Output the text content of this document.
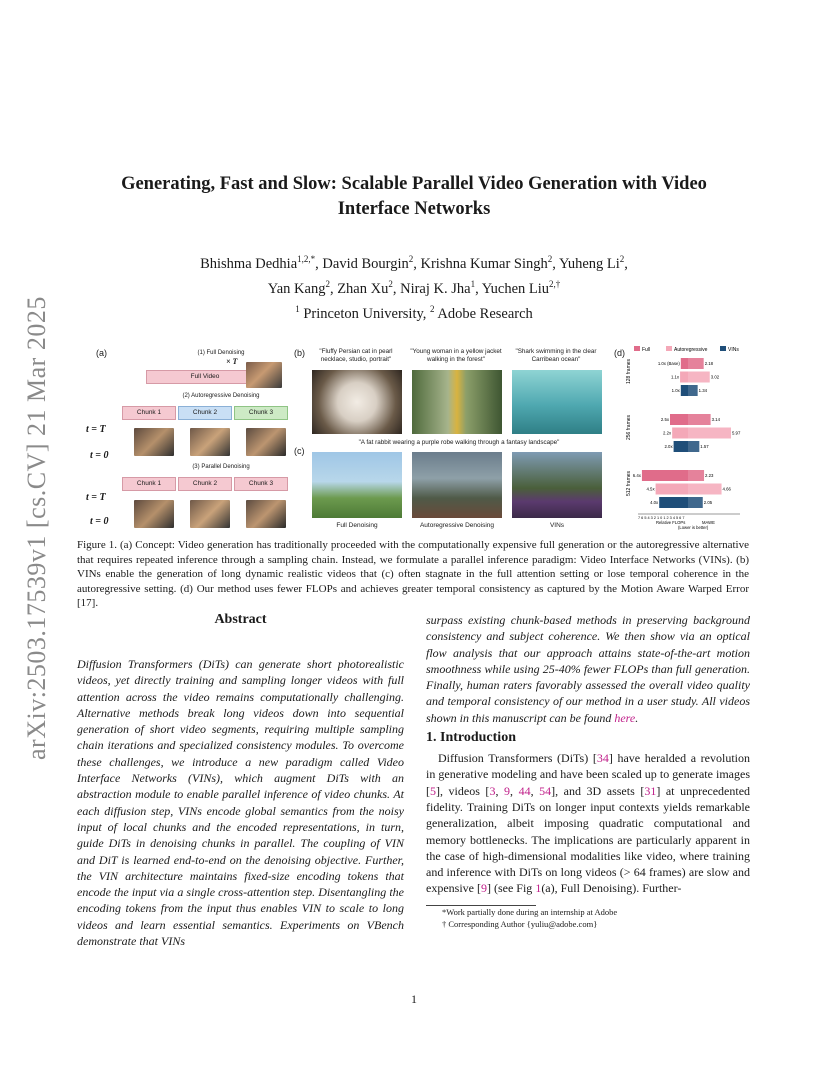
arXiv:2503.17539v1 [cs.CV] 21 Mar 2025
Generating, Fast and Slow: Scalable Parallel Video Generation with Video
Interface Networks
Bhishma Dedhia$^{1,2,*}$, David Bourgin$^2$, Krishna Kumar Singh$^2$, Yuheng Li$^2$,
Yan Kang$^2$, Zhan Xu$^2$, Niraj K. Jha$^1$, Yuchen Liu$^{2,\dagger}$
$^1$ Princeton University, $^2$ Adobe Research
(a)	(1) Full Denoising
× T
Full Video
(2) Autoregressive Denoising
Chunk 1	Chunk 2	Chunk 3
t = T
t = 0
(3) Parallel Denoising
Chunk 1	Chunk 2	Chunk 3
t = T
t = 0
(b)	"Fluffy Persian cat in pearl necklace, studio, portrait"
"Young woman in a yellow jacket walking in the forest"
"Shark swimming in the clear Carribean ocean"
(c)
"A fat rabbit wearing a purple robe walking through a fantasy landscape"
Full Denoising	Autoregressive Denoising	VINs
(d)	Full	Autoregressive	VINs
128 frames	1.0x (Base)	2.18
1.1x	3.02
1.0x	1.34
256 frames	2.5x	3.14
2.2x	5.97
2.0x	1.57
512 frames 6.4x	2.23
4.5x	4.66
4.0x	2.05
7 6 5 4 3 2 1 0 1 2 3 4 5 6 7
Relative FLOPs	MAWE
(Lower is better)
Figure 1. (a) Concept: Video generation has traditionally proceeded with the computationally expensive full generation or the autoregressive alternative that requires repeated inference through a sampling chain. Instead, we formulate a parallel inference paradigm: Video Interface Networks (VINs). (b) VINs enable the generation of long dynamic realistic videos that (c) often stagnate in the full attention setting or lose temporal coherence in the autoregressive setting. (d) Our method uses fewer FLOPs and achieves greater temporal consistency as captured by the Motion Aware Warped Error [17].
Abstract
Diffusion Transformers (DiTs) can generate short photorealistic videos, yet directly training and sampling longer videos with full attention across the video remains computationally challenging. Alternative methods break long videos down into sequential generation of short video segments, requiring multiple sampling chain iterations and specialized consistency modules. To overcome these challenges, we introduce a new paradigm called Video Interface Networks (VINs), which augment DiTs with an abstraction module to enable parallel inference of video chunks. At each diffusion step, VINs encode global semantics from the noisy input of local chunks and the encoded representations, in turn, guide DiTs in denoising chunks in parallel. The coupling of VIN and DiT is learned end-to-end on the denoising objective. Further, the VIN architecture maintains fixed-size encoding tokens that encode the input via a single cross-attention step. Disentangling the encoding tokens from the input thus enables VIN to scale to long videos and learn essential semantics. Experiments on VBench demonstrate that VINs
surpass existing chunk-based methods in preserving background consistency and subject coherence. We then show via an optical flow analysis that our approach attains state-of-the-art motion smoothness while using 25-40% fewer FLOPs than full generation. Finally, human raters favorably assessed the overall video quality and temporal consistency of our method in a user study. All videos shown in this manuscript can be found here.
1. Introduction
Diffusion Transformers (DiTs) [34] have heralded a revolution in generative modeling and have been scaled up to generate images [5], videos [3, 9, 44, 54], and 3D assets [31] at unprecedented fidelity. Training DiTs on longer input contexts yields remarkable generalization, albeit imposing quadratic computational and memory bottlenecks. The implications are particularly apparent in the case of high-dimensional modalities like video, where training and inference with DiTs on long videos (> 64 frames) are slow and expensive [9] (see Fig 1(a), Full Denoising). Further-
*Work partially done during an internship at Adobe
† Corresponding Author {yuliu@adobe.com}
1
